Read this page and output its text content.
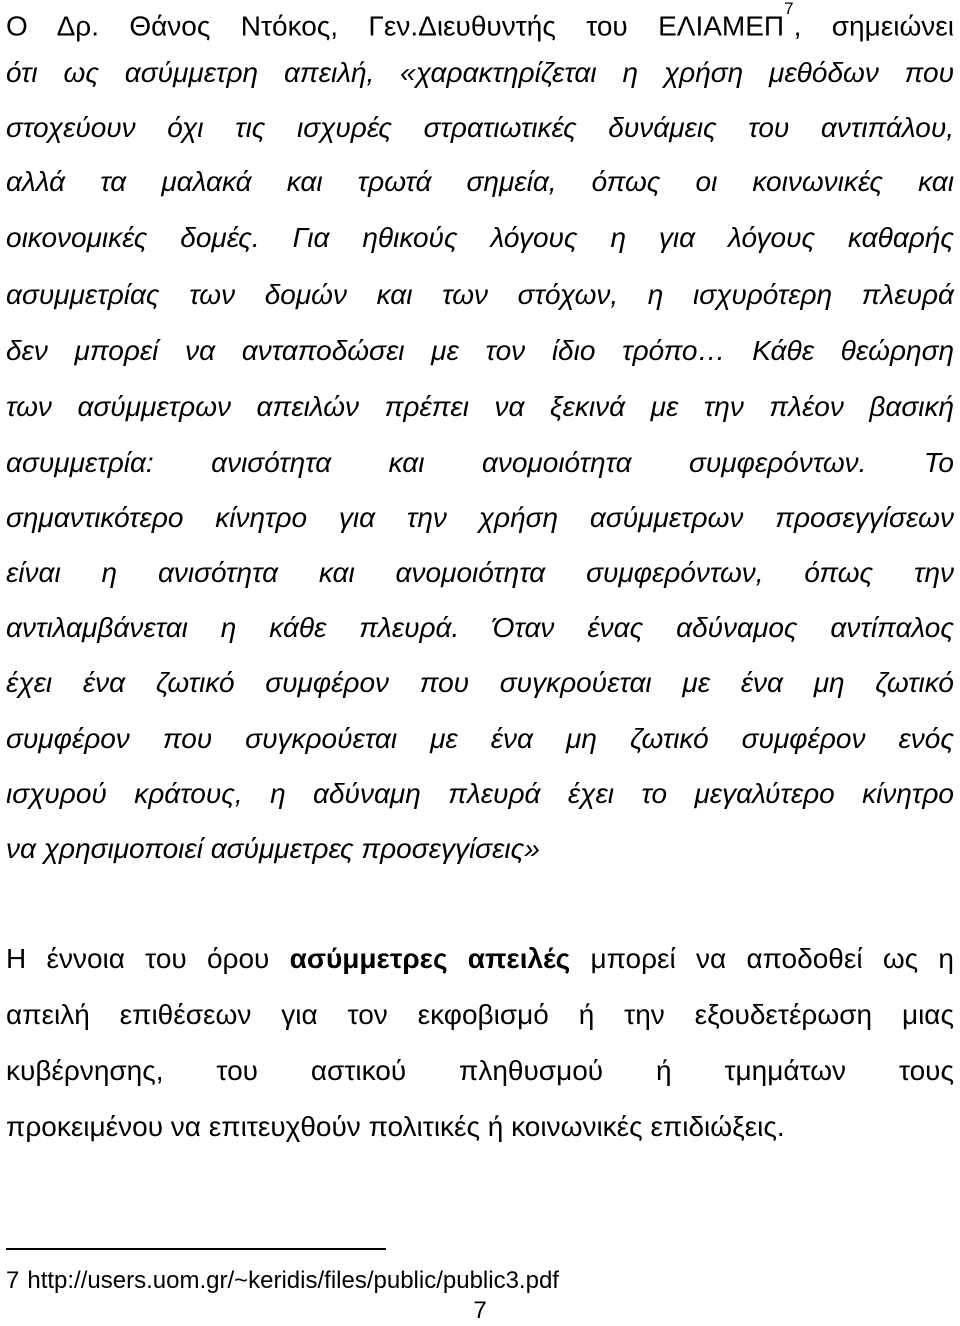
Ο Δρ. Θάνος Ντόκος, Γεν.Διευθυντής του ΕΛΙΑΜΕΠ$^7$, σημειώνει
ότι ως ασύμμετρη απειλή, «χαρακτηρίζεται η χρήση μεθόδων που
στοχεύουν όχι τις ισχυρές στρατιωτικές δυνάμεις του αντιπάλου,
αλλά τα μαλακά και τρωτά σημεία, όπως οι κοινωνικές και
οικονομικές δομές. Για ηθικούς λόγους η για λόγους καθαρής
ασυμμετρίας των δομών και των στόχων, η ισχυρότερη πλευρά
δεν μπορεί να ανταποδώσει με τον ίδιο τρόπο… Κάθε θεώρηση
των ασύμμετρων απειλών πρέπει να ξεκινά με την πλέον βασική
ασυμμετρία: ανισότητα και ανομοιότητα συμφερόντων. Το
σημαντικότερο κίνητρο για την χρήση ασύμμετρων προσεγγίσεων
είναι η ανισότητα και ανομοιότητα συμφερόντων, όπως την
αντιλαμβάνεται η κάθε πλευρά. Όταν ένας αδύναμος αντίπαλος
έχει ένα ζωτικό συμφέρον που συγκρούεται με ένα μη ζωτικό
συμφέρον που συγκρούεται με ένα μη ζωτικό συμφέρον ενός
ισχυρού κράτους, η αδύναμη πλευρά έχει το μεγαλύτερο κίνητρο
να χρησιμοποιεί ασύμμετρες προσεγγίσεις»
Η έννοια του όρου ασύμμετρες απειλές μπορεί να αποδοθεί ως η
απειλή επιθέσεων για τον εκφοβισμό ή την εξουδετέρωση μιας
κυβέρνησης, του αστικού πληθυσμού ή τμημάτων τους
προκειμένου να επιτευχθούν πολιτικές ή κοινωνικές επιδιώξεις.
7 http://users.uom.gr/~keridis/files/public/public3.pdf
7
